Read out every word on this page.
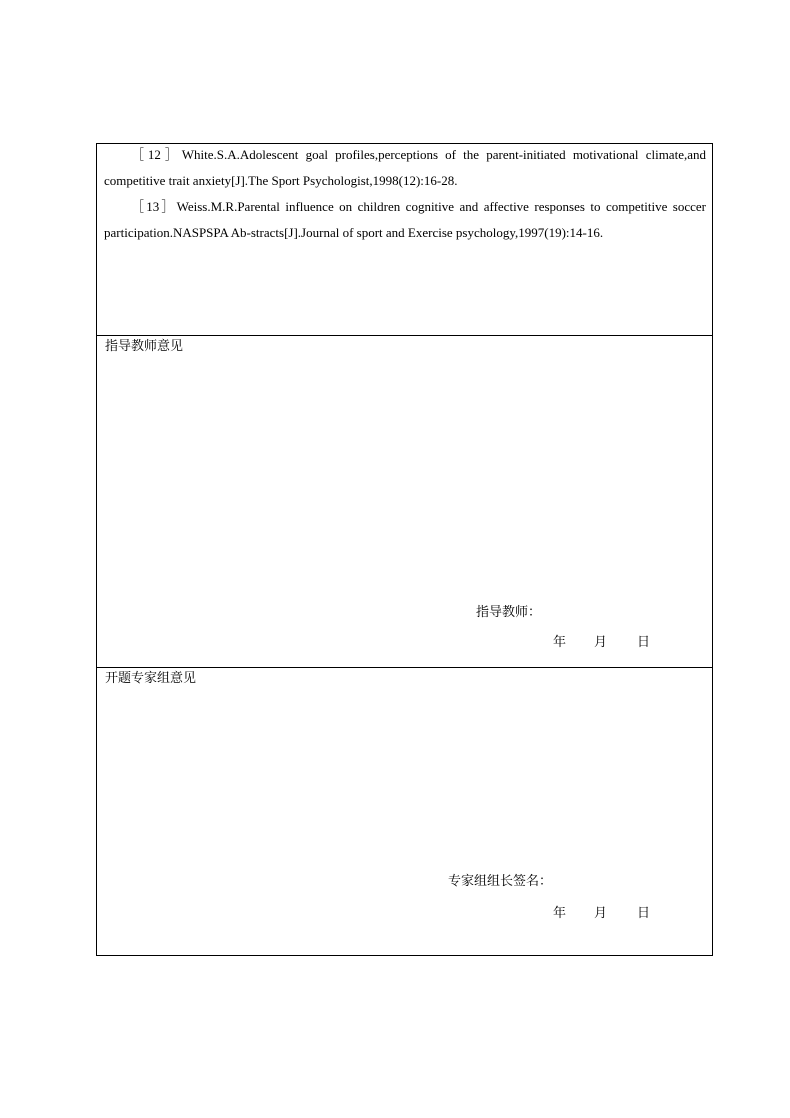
［12］White.S.A.Adolescent goal profiles,perceptions of the parent-initiated motivational climate,and competitive trait anxiety[J].The Sport Psychologist,1998(12):16-28.

［13］Weiss.M.R.Parental influence on children cognitive and affective responses to competitive soccer participation.NASPSPA Ab-stracts[J].Journal of sport and Exercise psychology,1997(19):14-16.

指导教师意见
指导教师：
年 月 日
开题专家组意见
专家组组长签名：
年 月 日
